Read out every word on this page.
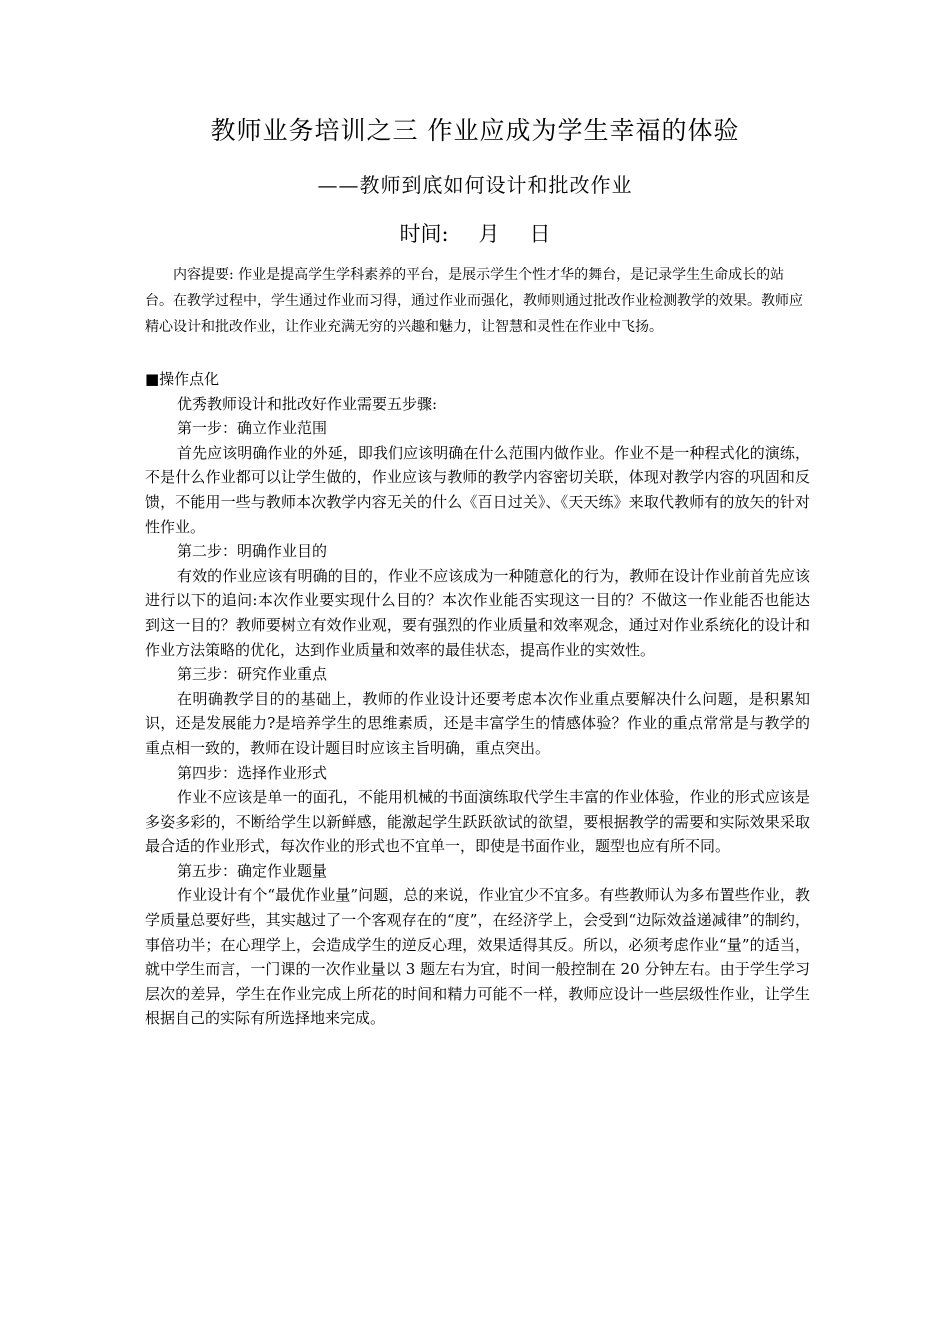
教师业务培训之三 作业应成为学生幸福的体验
——教师到底如何设计和批改作业
时间: 月 日

内容提要: 作业是提高学生学科素养的平台，是展示学生个性才华的舞台，是记录学生生命成长的站台。在教学过程中，学生通过作业而习得，通过作业而强化，教师则通过批改作业检测教学的效果。教师应精心设计和批改作业，让作业充满无穷的兴趣和魅力，让智慧和灵性在作业中飞扬。

■操作点化

优秀教师设计和批改好作业需要五步骤:

第一步：确立作业范围

首先应该明确作业的外延，即我们应该明确在什么范围内做作业。作业不是一种程式化的演练，不是什么作业都可以让学生做的，作业应该与教师的教学内容密切关联，体现对教学内容的巩固和反馈，不能用一些与教师本次教学内容无关的什么《百日过关》、《天天练》来取代教师有的放矢的针对性作业。

第二步：明确作业目的

有效的作业应该有明确的目的，作业不应该成为一种随意化的行为，教师在设计作业前首先应该进行以下的追问:本次作业要实现什么目的？本次作业能否实现这一目的？不做这一作业能否也能达到这一目的？教师要树立有效作业观，要有强烈的作业质量和效率观念，通过对作业系统化的设计和作业方法策略的优化，达到作业质量和效率的最佳状态，提高作业的实效性。

第三步：研究作业重点

在明确教学目的的基础上，教师的作业设计还要考虑本次作业重点要解决什么问题，是积累知识，还是发展能力?是培养学生的思维素质，还是丰富学生的情感体验？作业的重点常常是与教学的重点相一致的，教师在设计题目时应该主旨明确，重点突出。

第四步：选择作业形式

作业不应该是单一的面孔，不能用机械的书面演练取代学生丰富的作业体验，作业的形式应该是多姿多彩的，不断给学生以新鲜感，能激起学生跃跃欲试的欲望，要根据教学的需要和实际效果采取最合适的作业形式，每次作业的形式也不宜单一，即使是书面作业，题型也应有所不同。

第五步：确定作业题量

作业设计有个“最优作业量”问题，总的来说，作业宜少不宜多。有些教师认为多布置些作业，教学质量总要好些，其实越过了一个客观存在的“度”，在经济学上，会受到“边际效益递减律”的制约，事倍功半；在心理学上，会造成学生的逆反心理，效果适得其反。所以，必须考虑作业“量”的适当，就中学生而言，一门课的一次作业量以 3 题左右为宜，时间一般控制在 20 分钟左右。由于学生学习层次的差异，学生在作业完成上所花的时间和精力可能不一样，教师应设计一些层级性作业，让学生根据自己的实际有所选择地来完成。
